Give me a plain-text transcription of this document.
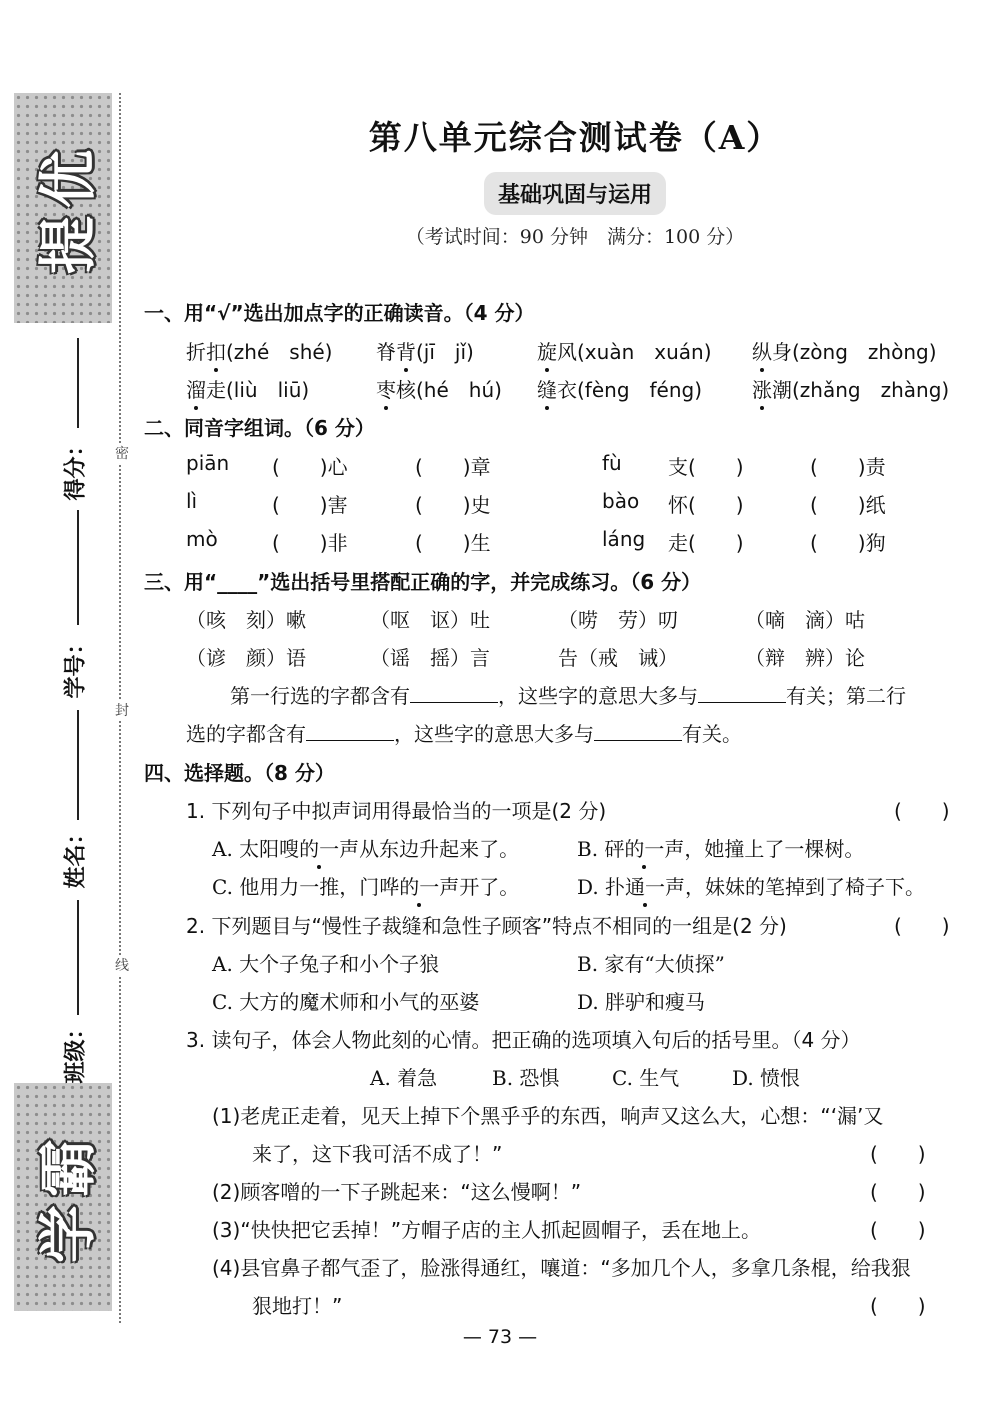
提优
学霸
得分：
学号：
姓名：
班级：
密
封
线
第八单元综合测试卷（A）
基础巩固与运用
（考试时间：90 分钟　满分：100 分）
一、用“√”选出加点字的正确读音。（4 分）
折扣(zhé　shé) 脊背(jī　jǐ)	旋风(xuàn　xuán) 纵身(zòng　zhòng)
溜走(liù　liū)	枣核(hé　hú) 缝衣(fèng　féng) 涨潮(zhǎng　zhàng)
二、同音字组词。（6 分）
piān (　　)心	(　　)章	fù 支(　　)	(　　)责
lì	(　　)害	(　　)史	bào 怀(　　)	(　　)纸
mò	(　　)非	(　　)生	láng 走(　　)	(　　)狗
三、用“____”选出括号里搭配正确的字，并完成练习。（6 分）
（咳　刻）嗽	（呕　讴）吐	（唠　劳）叨	（嘀　滴）咕
（谚　颜）语	（谣　摇）言	告（戒　诫）	（辩　辨）论
第一行选的字都含有	，这些字的意思大多与	有关；第二行
选的字都含有	，这些字的意思大多与	有关。
四、选择题。（8 分）
1. 下列句子中拟声词用得最恰当的一项是(2 分)	(　　)
A. 太阳嗖的一声从东边升起来了。	B. 砰的一声，她撞上了一棵树。
C. 他用力一推，门哗的一声开了。	D. 扑通一声，妹妹的笔掉到了椅子下。
2. 下列题目与“慢性子裁缝和急性子顾客”特点不相同的一组是(2 分)	(　　)
A. 大个子兔子和小个子狼	B. 家有“大侦探”
C. 大方的魔术师和小气的巫婆	D. 胖驴和瘦马
3. 读句子，体会人物此刻的心情。把正确的选项填入句后的括号里。（4 分）
A. 着急	B. 恐惧	C. 生气	D. 愤恨
(1)老虎正走着，见天上掉下个黑乎乎的东西，响声又这么大，心想：“‘漏’又
来了，这下我可活不成了！”	(　　)
(2)顾客噌的一下子跳起来：“这么慢啊！”	(　　)
(3)“快快把它丢掉！”方帽子店的主人抓起圆帽子，丢在地上。	(　　)
(4)县官鼻子都气歪了，脸涨得通红，嚷道：“多加几个人，多拿几条棍，给我狠
狠地打！”	(　　)
— 73 —
